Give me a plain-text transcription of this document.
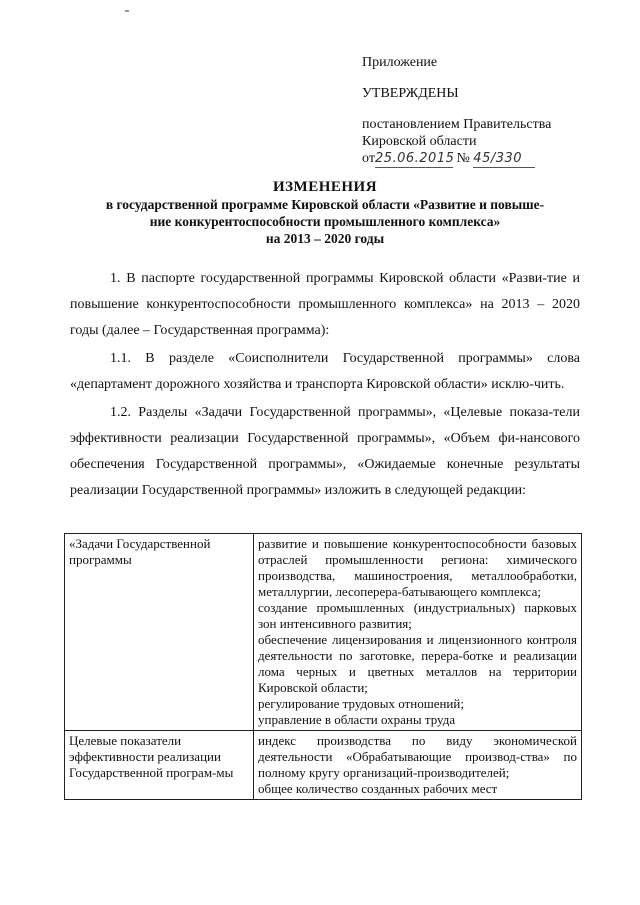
Приложение
УТВЕРЖДЕНЫ
постановлением Правительства
Кировской области
от25.06.2015 № 45/330
ИЗМЕНЕНИЯ
в государственной программе Кировской области «Развитие и повыше-
ние конкурентоспособности промышленного комплекса»
на 2013 – 2020 годы

1. В паспорте государственной программы Кировской области «Разви-тие и повышение конкурентоспособности промышленного комплекса» на 2013 – 2020 годы (далее – Государственная программа):

1.1. В разделе «Соисполнители Государственной программы» слова «департамент дорожного хозяйства и транспорта Кировской области» исклю-чить.

1.2. Разделы «Задачи Государственной программы», «Целевые показа-тели эффективности реализации Государственной программы», «Объем фи-нансового обеспечения Государственной программы», «Ожидаемые конечные результаты реализации Государственной программы» изложить в следующей редакции:

«Задачи Государственной программы	развитие и повышение конкурентоспособности базовых отраслей промышленности региона: химического производства, машиностроения, металлообработки, металлургии, лесоперера-батывающего комплекса;
создание промышленных (индустриальных) парковых зон интенсивного развития;
обеспечение лицензирования и лицензионного контроля деятельности по заготовке, перера-ботке и реализации лома черных и цветных металлов на территории Кировской области;
регулирование трудовых отношений;
управление в области охраны труда

Целевые показатели эффективности реализации Государственной програм-мы	индекс производства по виду экономической деятельности «Обрабатывающие производ-ства» по полному кругу организаций-производителей;
общее количество созданных рабочих мест
